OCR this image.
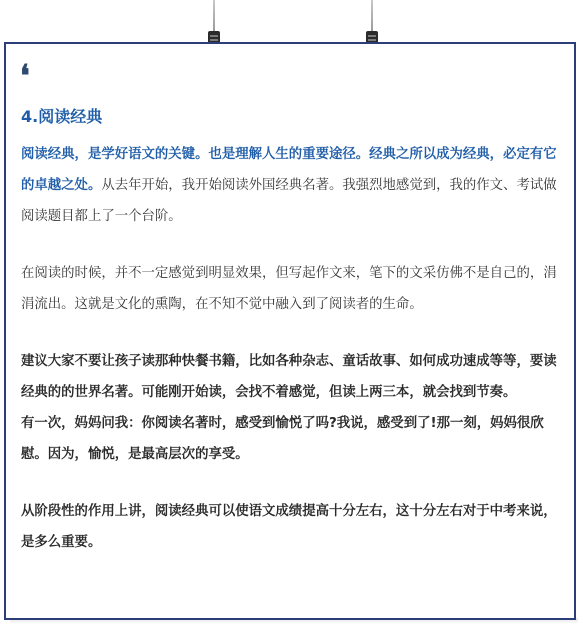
❛
4.阅读经典

阅读经典，是学好语文的关键。也是理解人生的重要途径。经典之所以成为经典，必定有它的卓越之处。从去年开始，我开始阅读外国经典名著。我强烈地感觉到，我的作文、考试做阅读题目都上了一个台阶。

在阅读的时候，并不一定感觉到明显效果，但写起作文来，笔下的文采仿佛不是自己的，涓涓流出。这就是文化的熏陶，在不知不觉中融入到了阅读者的生命。

建议大家不要让孩子读那种快餐书籍，比如各种杂志、童话故事、如何成功速成等等，要读经典的的世界名著。可能刚开始读，会找不着感觉，但读上两三本，就会找到节奏。

有一次，妈妈问我：你阅读名著时，感受到愉悦了吗?我说，感受到了!那一刻，妈妈很欣慰。因为，愉悦，是最高层次的享受。

从阶段性的作用上讲，阅读经典可以使语文成绩提高十分左右，这十分左右对于中考来说，是多么重要。
